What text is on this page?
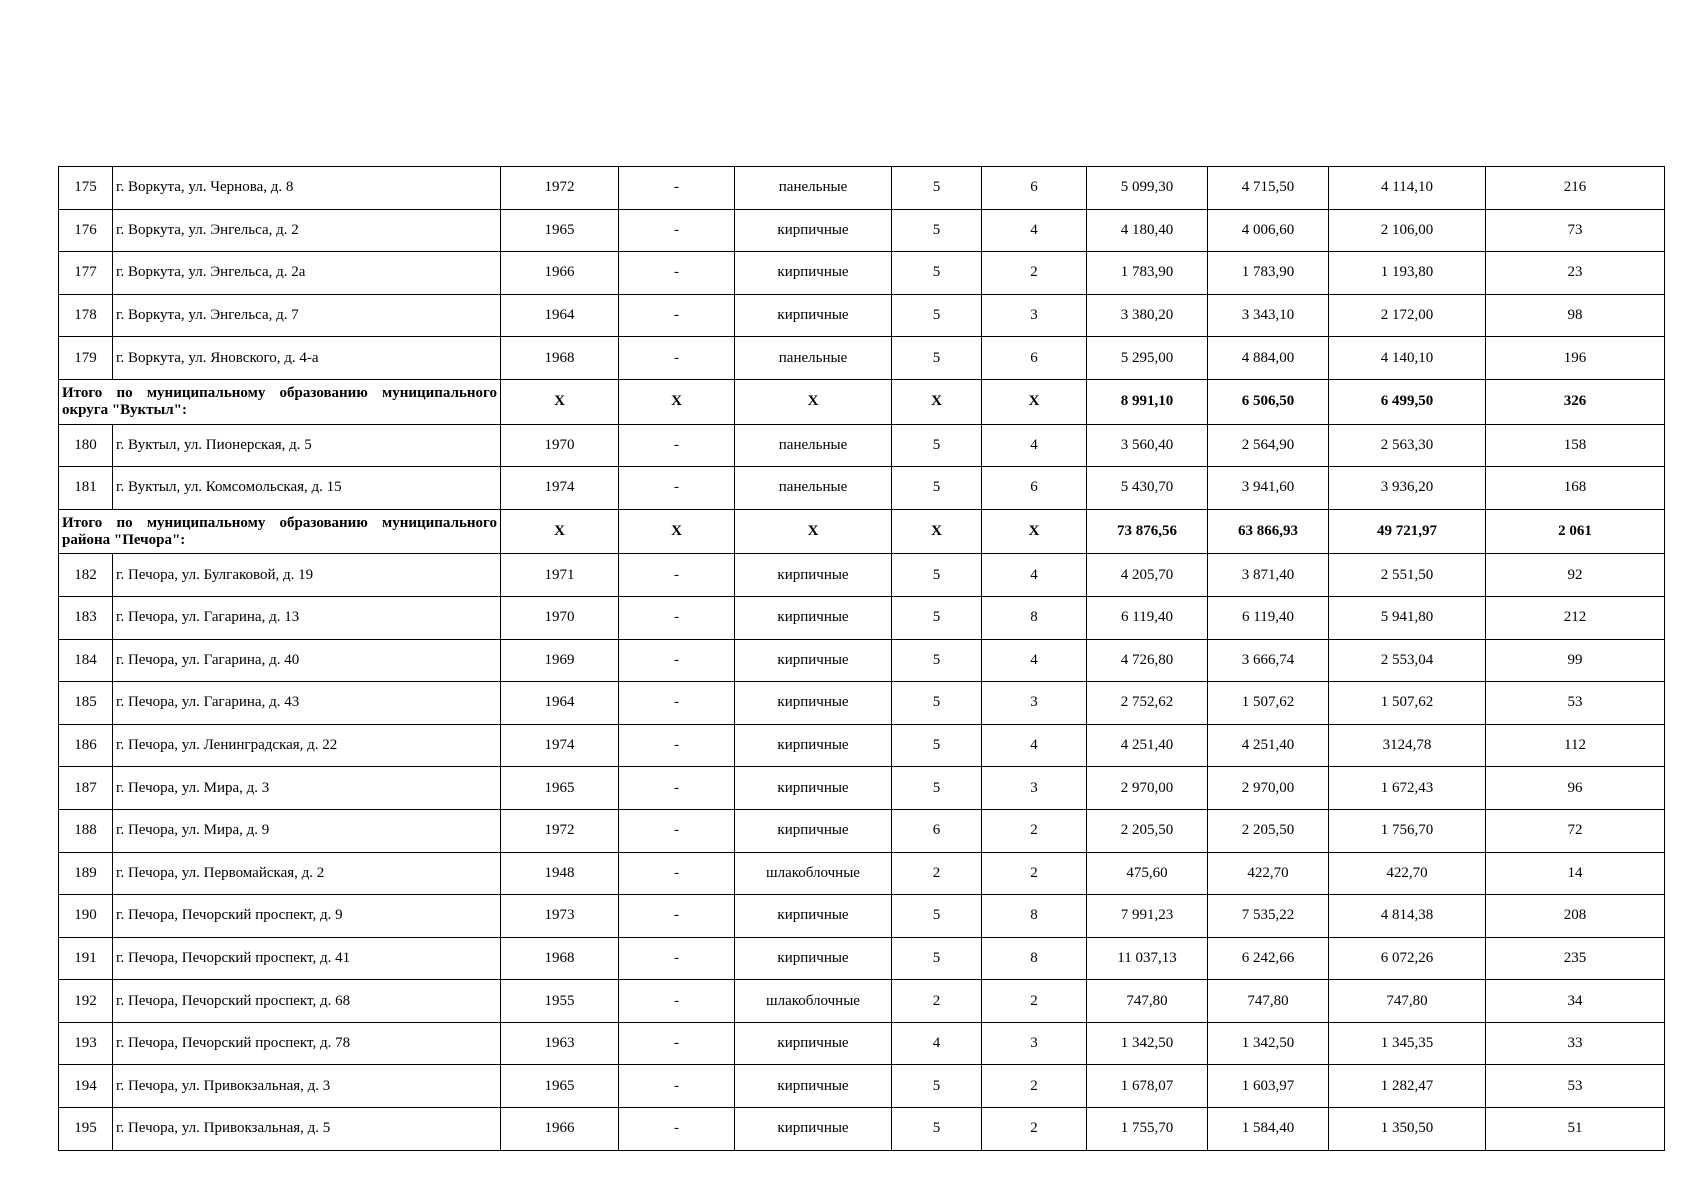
175	г. Воркута, ул. Чернова, д. 8	1972	-	панельные	5	6	5 099,30	4 715,50	4 114,10	216
176	г. Воркута, ул. Энгельса, д. 2	1965	-	кирпичные	5	4	4 180,40	4 006,60	2 106,00	73
177	г. Воркута, ул. Энгельса, д. 2а	1966	-	кирпичные	5	2	1 783,90	1 783,90	1 193,80	23
178	г. Воркута, ул. Энгельса, д. 7	1964	-	кирпичные	5	3	3 380,20	3 343,10	2 172,00	98
179	г. Воркута, ул. Яновского, д. 4-а	1968	-	панельные	5	6	5 295,00	4 884,00	4 140,10	196
Итого по муниципальному образованию муниципального округа "Вуктыл":		Х	Х	Х	Х	Х	8 991,10	6 506,50	6 499,50	326
180	г. Вуктыл, ул. Пионерская, д. 5	1970	-	панельные	5	4	3 560,40	2 564,90	2 563,30	158
181	г. Вуктыл, ул. Комсомольская, д. 15	1974	-	панельные	5	6	5 430,70	3 941,60	3 936,20	168
Итого по муниципальному образованию муниципального района "Печора":		Х	Х	Х	Х	Х	73 876,56	63 866,93	49 721,97	2 061
182	г. Печора, ул. Булгаковой, д. 19	1971	-	кирпичные	5	4	4 205,70	3 871,40	2 551,50	92
183	г. Печора, ул. Гагарина, д. 13	1970	-	кирпичные	5	8	6 119,40	6 119,40	5 941,80	212
184	г. Печора, ул. Гагарина, д. 40	1969	-	кирпичные	5	4	4 726,80	3 666,74	2 553,04	99
185	г. Печора, ул. Гагарина, д. 43	1964	-	кирпичные	5	3	2 752,62	1 507,62	1 507,62	53
186	г. Печора, ул. Ленинградская, д. 22	1974	-	кирпичные	5	4	4 251,40	4 251,40	3124,78	112
187	г. Печора, ул. Мира, д. 3	1965	-	кирпичные	5	3	2 970,00	2 970,00	1 672,43	96
188	г. Печора, ул. Мира, д. 9	1972	-	кирпичные	6	2	2 205,50	2 205,50	1 756,70	72
189	г. Печора, ул. Первомайская, д. 2	1948	-	шлакоблочные	2	2	475,60	422,70	422,70	14
190	г. Печора, Печорский проспект, д. 9	1973	-	кирпичные	5	8	7 991,23	7 535,22	4 814,38	208
191	г. Печора, Печорский проспект, д. 41	1968	-	кирпичные	5	8	11 037,13	6 242,66	6 072,26	235
192	г. Печора, Печорский проспект, д. 68	1955	-	шлакоблочные	2	2	747,80	747,80	747,80	34
193	г. Печора, Печорский проспект, д. 78	1963	-	кирпичные	4	3	1 342,50	1 342,50	1 345,35	33
194	г. Печора, ул. Привокзальная, д. 3	1965	-	кирпичные	5	2	1 678,07	1 603,97	1 282,47	53
195	г. Печора, ул. Привокзальная, д. 5	1966	-	кирпичные	5	2	1 755,70	1 584,40	1 350,50	51
